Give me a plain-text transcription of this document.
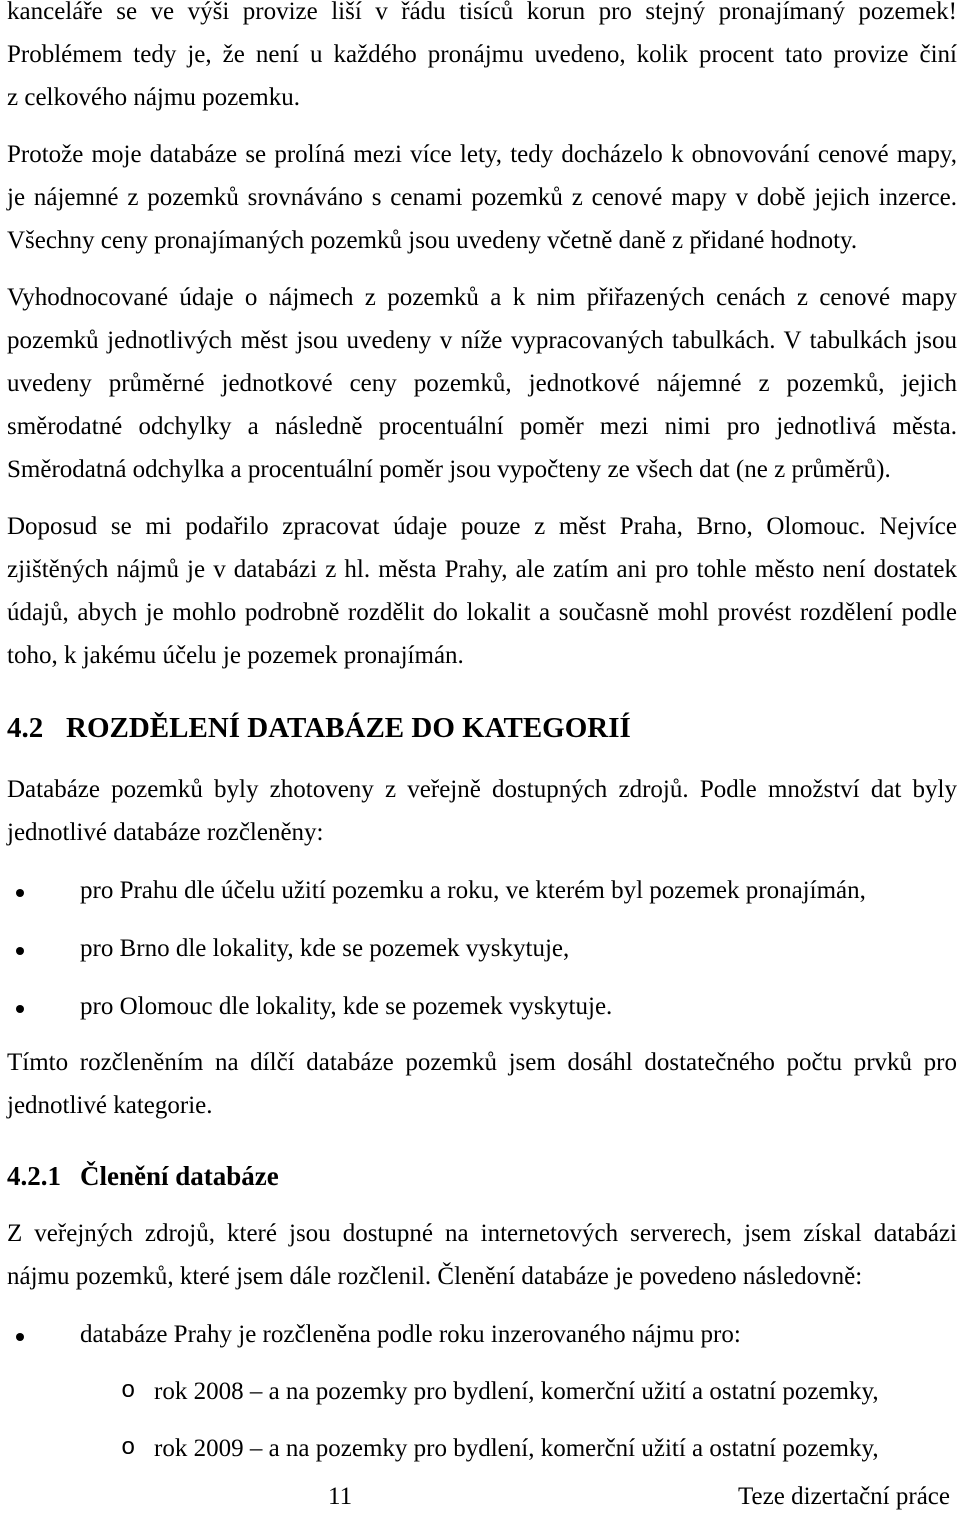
kanceláře se ve výši provize liší v řádu tisíců korun pro stejný pronajímaný pozemek!
Problémem tedy je, že není u každého pronájmu uvedeno, kolik procent tato provize činí
z celkového nájmu pozemku.
Protože moje databáze se prolíná mezi více lety, tedy docházelo k obnovování cenové mapy,
je nájemné z pozemků srovnáváno s cenami pozemků z cenové mapy v době jejich inzerce.
Všechny ceny pronajímaných pozemků jsou uvedeny včetně daně z přidané hodnoty.
Vyhodnocované údaje o nájmech z pozemků a k nim přiřazených cenách z cenové mapy
pozemků jednotlivých měst jsou uvedeny v níže vypracovaných tabulkách. V tabulkách jsou
uvedeny průměrné jednotkové ceny pozemků, jednotkové nájemné z pozemků, jejich
směrodatné odchylky a následně procentuální poměr mezi nimi pro jednotlivá města.
Směrodatná odchylka a procentuální poměr jsou vypočteny ze všech dat (ne z průměrů).
Doposud se mi podařilo zpracovat údaje pouze z měst Praha, Brno, Olomouc. Nejvíce
zjištěných nájmů je v databázi z hl. města Prahy, ale zatím ani pro tohle město není dostatek
údajů, abych je mohlo podrobně rozdělit do lokalit a současně mohl provést rozdělení podle
toho, k jakému účelu je pozemek pronajímán.
4.2 ROZDĚLENÍ DATABÁZE DO KATEGORIÍ
Databáze pozemků byly zhotoveny z veřejně dostupných zdrojů. Podle množství dat byly
jednotlivé databáze rozčleněny:
pro Prahu dle účelu užití pozemku a roku, ve kterém byl pozemek pronajímán,
pro Brno dle lokality, kde se pozemek vyskytuje,
pro Olomouc dle lokality, kde se pozemek vyskytuje.
Tímto rozčleněním na dílčí databáze pozemků jsem dosáhl dostatečného počtu prvků pro
jednotlivé kategorie.
4.2.1 Členění databáze
Z veřejných zdrojů, které jsou dostupné na internetových serverech, jsem získal databázi
nájmu pozemků, které jsem dále rozčlenil. Členění databáze je povedeno následovně:
databáze Prahy je rozčleněna podle roku inzerovaného nájmu pro:
o rok 2008 – a na pozemky pro bydlení, komerční užití a ostatní pozemky,
o rok 2009 – a na pozemky pro bydlení, komerční užití a ostatní pozemky,
11	Teze dizertační práce
